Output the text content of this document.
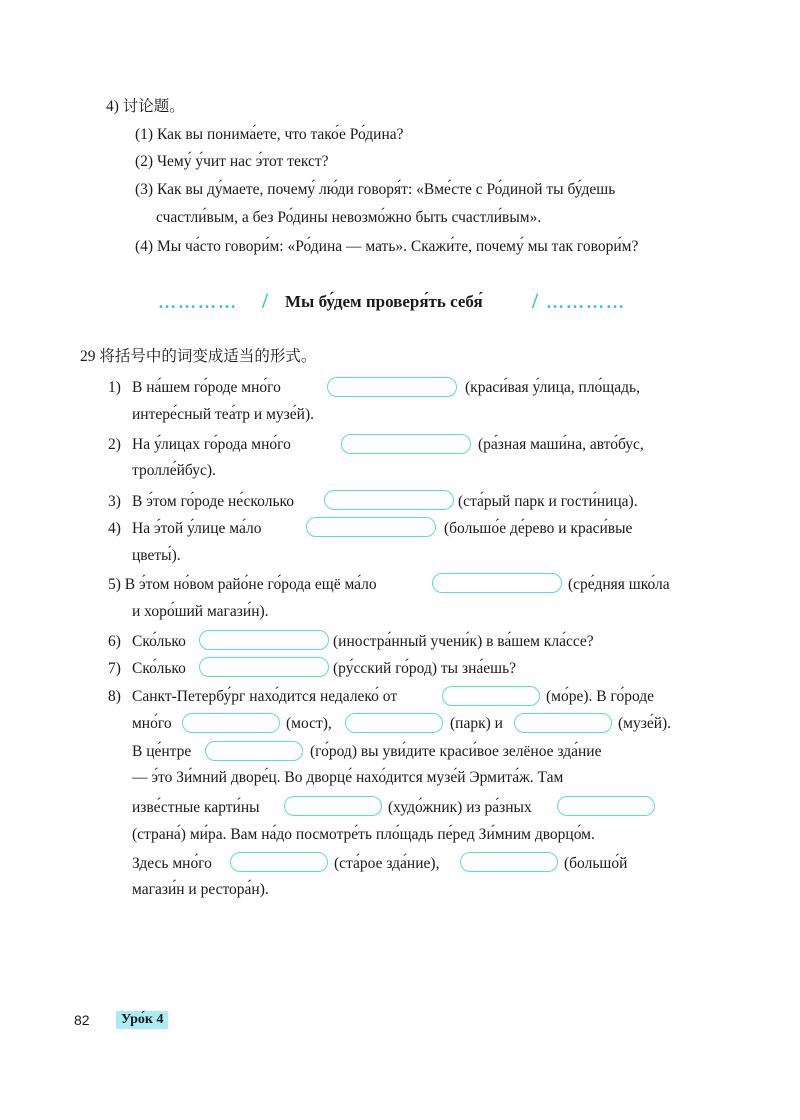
4) 讨论题。
(1) Как вы понима́ете, что тако́е Ро́дина?
(2) Чему́ у́чит нас э́тот текст?
(3) Как вы ду́маете, почему́ лю́ди говоря́т: «Вме́сте с Ро́диной ты бу́дешь
счастли́вым, а без Ро́дины невозмо́жно быть счастли́вым».
(4) Мы ча́сто говори́м: «Ро́дина — мать». Скажи́те, почему́ мы так говори́м?
………… / Мы бу́дем проверя́ть себя́ / …………
29 将括号中的词变成适当的形式。
1) В на́шем го́роде мно́го	(краси́вая у́лица, пло́щадь,
интере́сный теа́тр и музе́й).
2) На у́лицах го́рода мно́го	(ра́зная маши́на, авто́бус,
тролле́йбус).
3) В э́том го́роде не́сколько	(ста́рый парк и гости́ница).
4) На э́той у́лице ма́ло	(большо́е де́рево и краси́вые
цветы́).
5) В э́том но́вом райо́не го́рода ещё ма́ло	(сре́дняя шко́ла
и хоро́ший магази́н).
6) Ско́лько	(иностра́нный учени́к) в ва́шем кла́ссе?
7) Ско́лько	(ру́сский го́род) ты зна́ешь?
8) Санкт-Петербу́рг нахо́дится недалеко́ от	(мо́ре). В го́роде
мно́го	(мост),	(парк) и	(музе́й).
В це́нтре	(го́род) вы уви́дите краси́вое зелёное зда́ние
— э́то Зи́мний дворе́ц. Во дворце́ нахо́дится музе́й Эрмита́ж. Там
изве́стные карти́ны	(худо́жник) из ра́зных
(страна́) ми́ра. Вам на́до посмотре́ть пло́щадь пе́ред Зи́мним дворцо́м.
Здесь мно́го	(ста́рое зда́ние),	(большо́й
магази́н и рестора́н).
82	Уро́к 4
